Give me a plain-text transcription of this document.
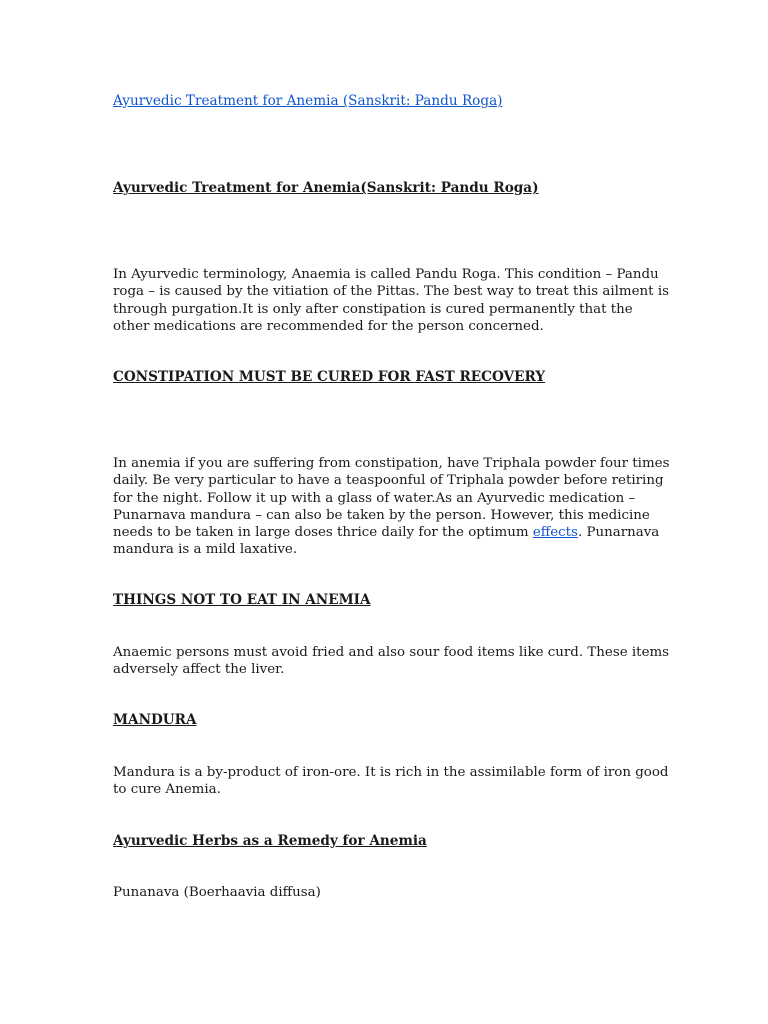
Ayurvedic Treatment for Anemia (Sanskrit: Pandu Roga)

Ayurvedic Treatment for Anemia(Sanskrit: Pandu Roga)

In Ayurvedic terminology, Anaemia is called Pandu Roga. This condition – Pandu roga – is caused by the vitiation of the Pittas. The best way to treat this ailment is through purgation.It is only after constipation is cured permanently that the other medications are recommended for the person concerned.

CONSTIPATION MUST BE CURED FOR FAST RECOVERY

In anemia if you are suffering from constipation, have Triphala powder four times daily. Be very particular to have a teaspoonful of Triphala powder before retiring for the night. Follow it up with a glass of water.As an Ayurvedic medication – Punarnava mandura – can also be taken by the person. However, this medicine needs to be taken in large doses thrice daily for the optimum effects. Punarnava mandura is a mild laxative.

THINGS NOT TO EAT IN ANEMIA

Anaemic persons must avoid fried and also sour food items like curd. These items adversely affect the liver.

MANDURA

Mandura is a by-product of iron-ore. It is rich in the assimilable form of iron good to cure Anemia.

Ayurvedic Herbs as a Remedy for Anemia

Punanava (Boerhaavia diffusa)
